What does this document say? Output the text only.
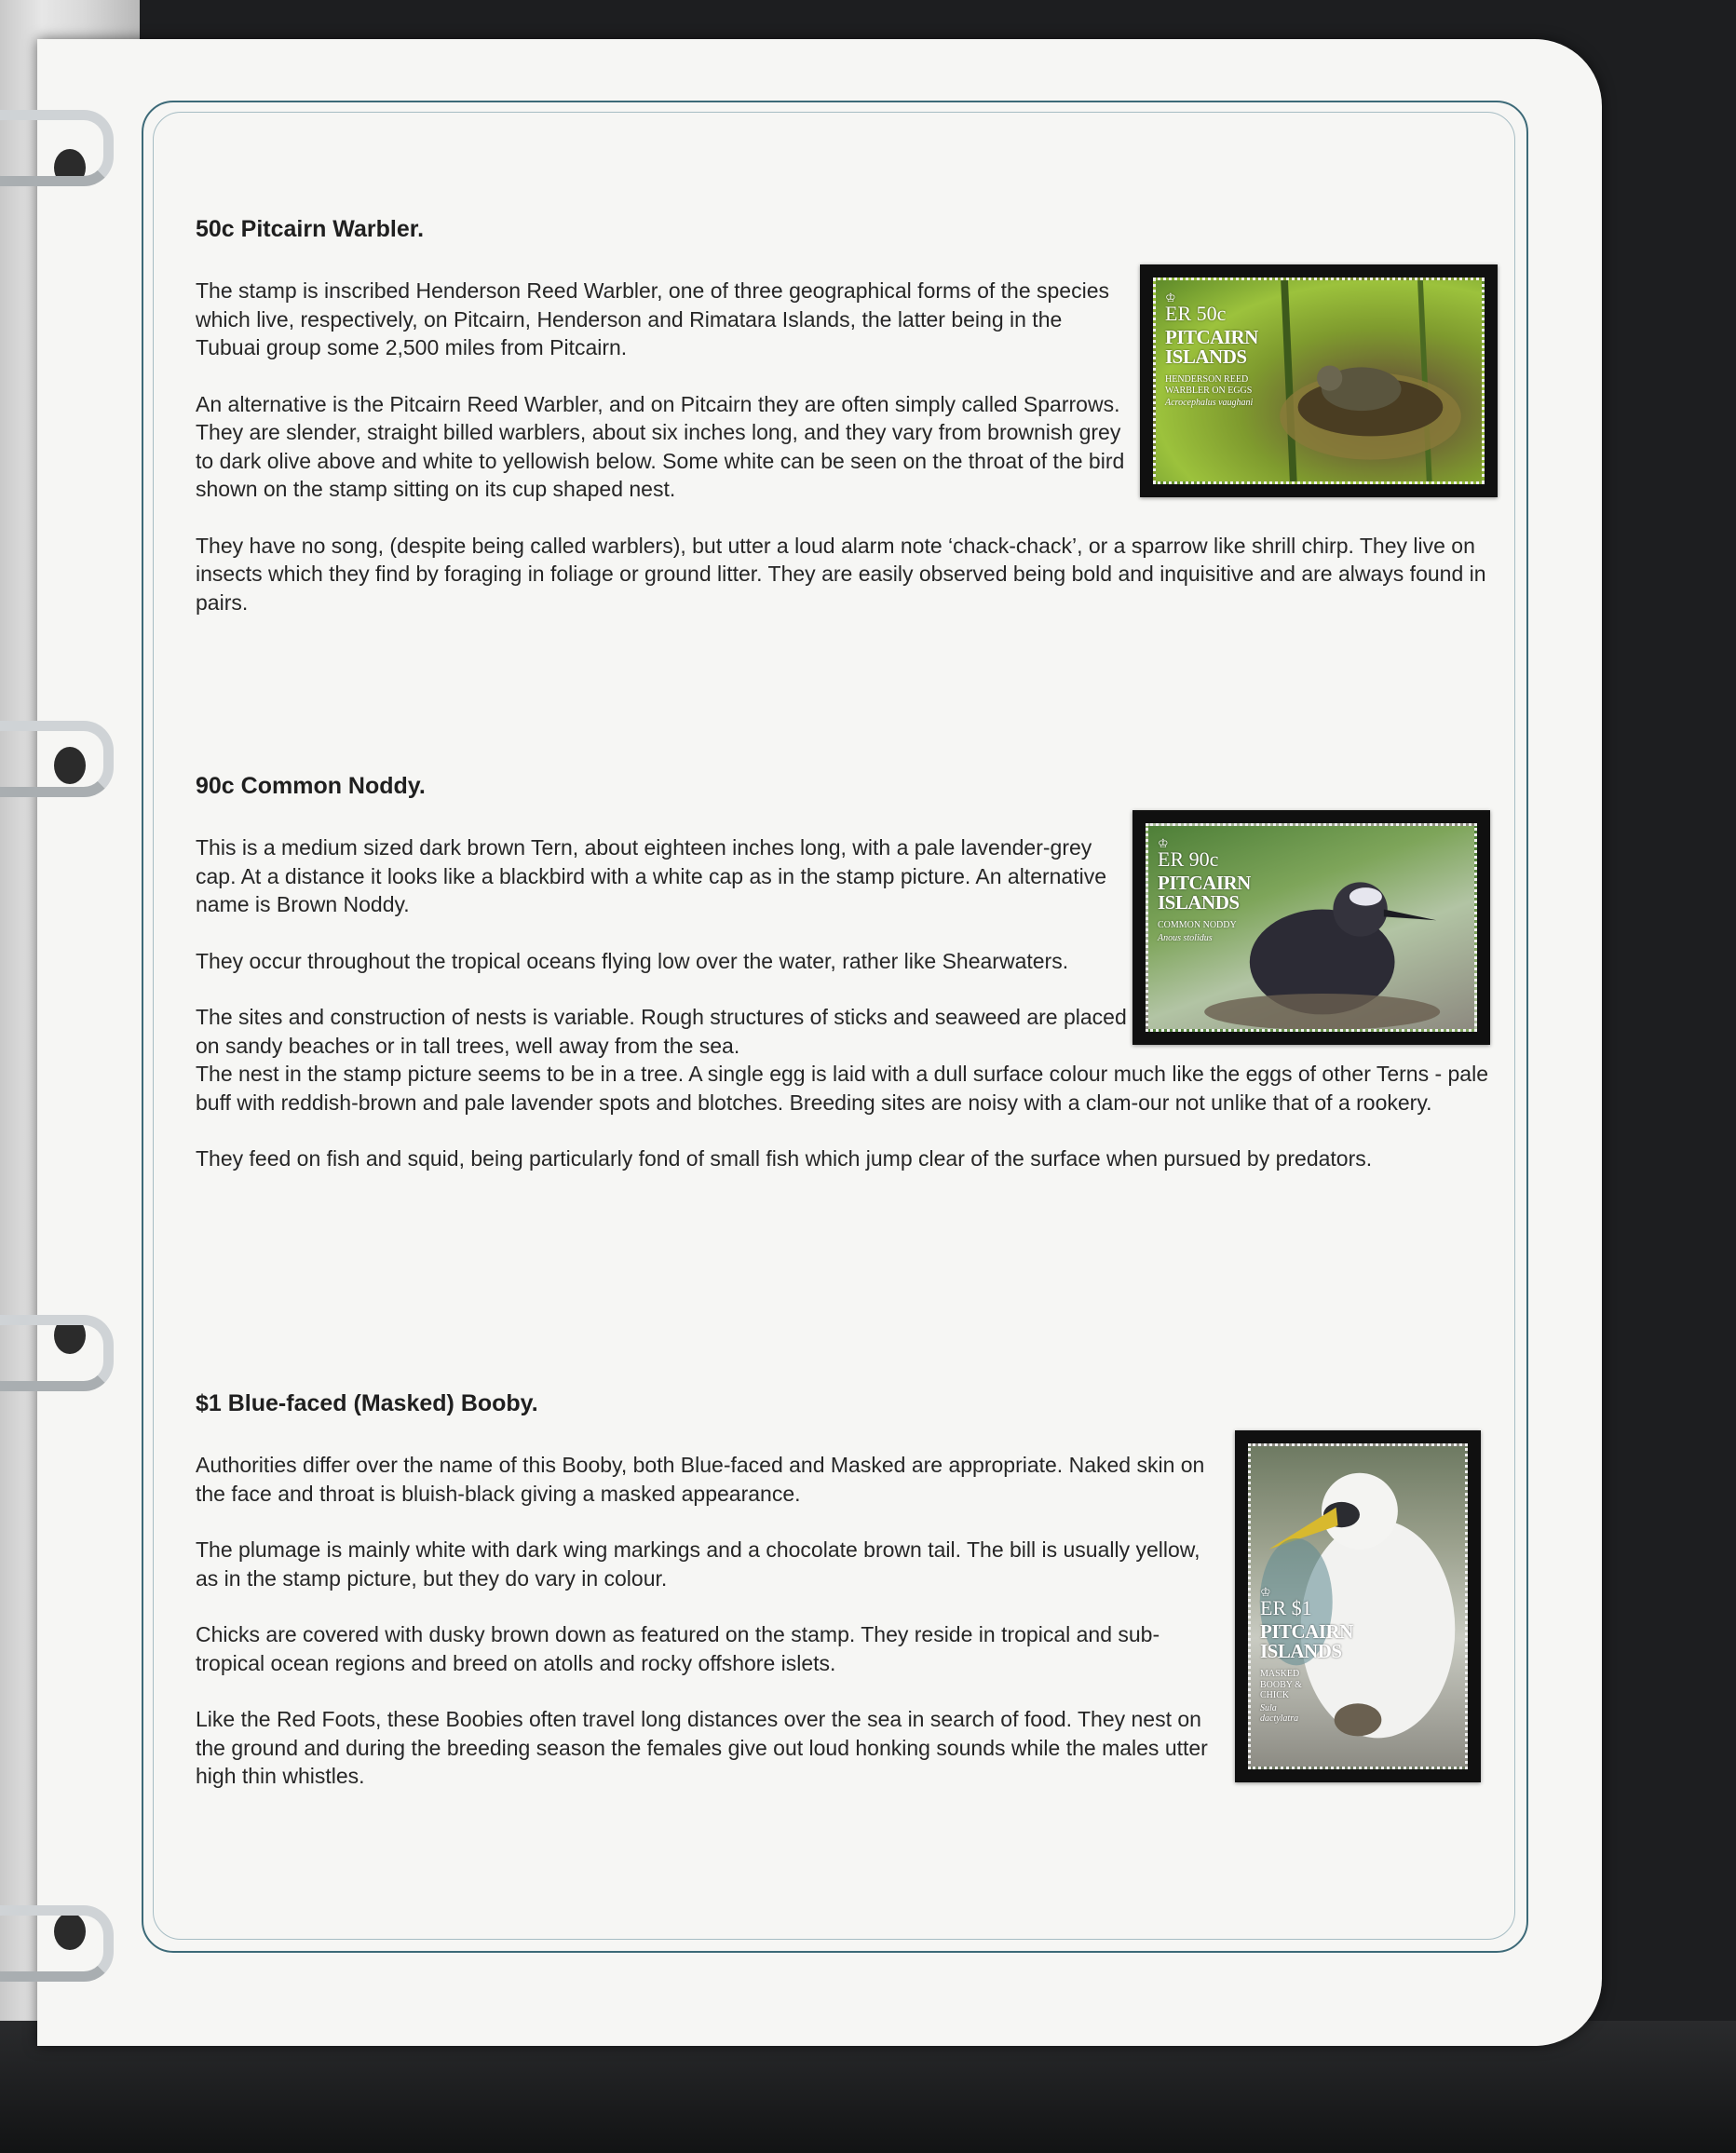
50c Pitcairn Warbler.

The stamp is inscribed Henderson Reed Warbler, one of three geographical forms of the species which live, respectively, on Pitcairn, Henderson and Rimatara Islands, the latter being in the Tubuai group some 2,500 miles from Pitcairn.

An alternative is the Pitcairn Reed Warbler, and on Pitcairn they are often simply called Sparrows. They are slender, straight billed warblers, about six inches long, and they vary from brownish grey to dark olive above and white to yellowish below. Some white can be seen on the throat of the bird shown on the stamp sitting on its cup shaped nest.

They have no song, (despite being called warblers), but utter a loud alarm note ‘chack-chack’, or a sparrow like shrill chirp. They live on insects which they find by foraging in foliage or ground litter. They are easily observed being bold and inquisitive and are always found in pairs.

♔
ER 50c
PITCAIRN ISLANDS
HENDERSON REED WARBLER ON EGGS
Acrocephalus vaughani
90c Common Noddy.

This is a medium sized dark brown Tern, about eighteen inches long, with a pale lavender-grey cap. At a distance it looks like a blackbird with a white cap as in the stamp picture. An alternative name is Brown Noddy.

They occur throughout the tropical oceans flying low over the water, rather like Shearwaters.

The sites and construction of nests is variable. Rough structures of sticks and seaweed are placed on sandy beaches or in tall trees, well away from the sea.

The nest in the stamp picture seems to be in a tree. A single egg is laid with a dull surface colour much like the eggs of other Terns - pale buff with reddish-brown and pale lavender spots and blotches. Breeding sites are noisy with a clam-our not unlike that of a rookery.

They feed on fish and squid, being particularly fond of small fish which jump clear of the surface when pursued by predators.

♔
ER 90c
PITCAIRN ISLANDS
COMMON NODDY
Anous stolidus
$1 Blue-faced (Masked) Booby.

Authorities differ over the name of this Booby, both Blue-faced and Masked are appropriate. Naked skin on the face and throat is bluish-black giving a masked appearance.

The plumage is mainly white with dark wing markings and a chocolate brown tail. The bill is usually yellow, as in the stamp picture, but they do vary in colour.

Chicks are covered with dusky brown down as featured on the stamp. They reside in tropical and sub-tropical ocean regions and breed on atolls and rocky offshore islets.

Like the Red Foots, these Boobies often travel long distances over the sea in search of food. They nest on the ground and during the breeding season the females give out loud honking sounds while the males utter high thin whistles.

♔
ER $1
PITCAIRN ISLANDS
MASKED BOOBY & CHICK
Sula dactylatra
